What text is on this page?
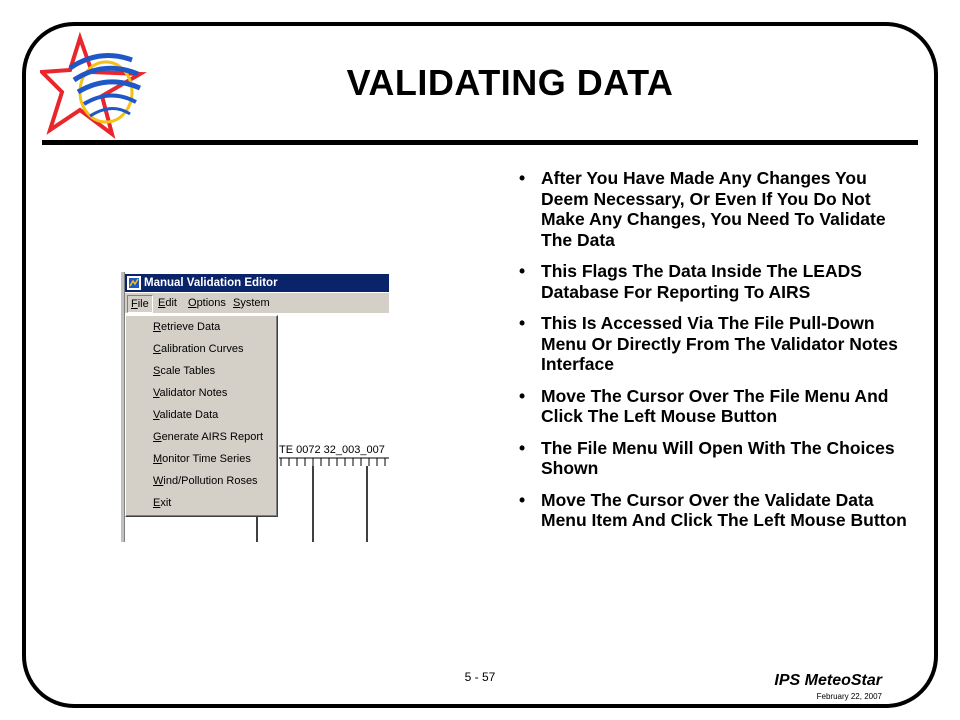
VALIDATING DATA
• After You Have Made Any Changes You Deem Necessary, Or Even If You Do Not Make Any Changes, You Need To Validate The Data
• This Flags The Data Inside The LEADS Database For Reporting To AIRS
• This Is Accessed Via The File Pull-Down Menu Or Directly From The Validator Notes Interface
• Move The Cursor Over The File Menu And Click The Left Mouse Button
• The File Menu Will Open With The Choices Shown
• Move The Cursor Over the Validate Data Menu Item And Click The Left Mouse Button
Manual Validation Editor
File Edit Options System
TE 0072 32_003_007
Retrieve Data
Calibration Curves
Scale Tables
Validator Notes
Validate Data
Generate AIRS Report
Monitor Time Series
Wind/Pollution Roses
Exit
5 - 57	IPS MeteoStar
February 22, 2007
